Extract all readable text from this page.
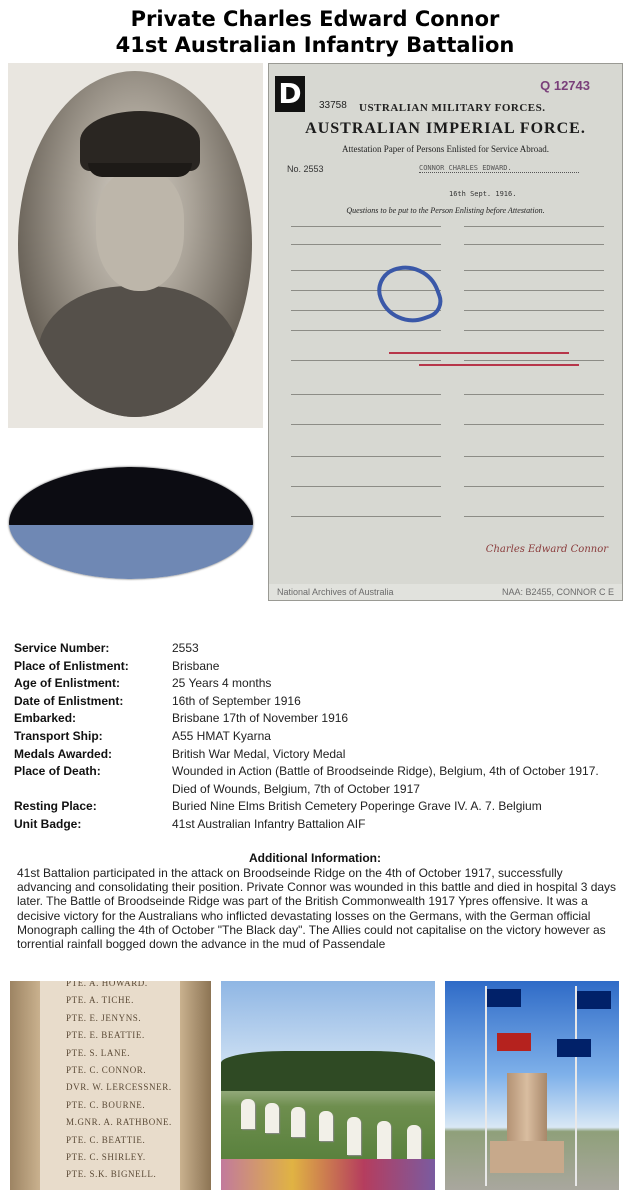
Private Charles Edward Connor
41st Australian Infantry Battalion
D	Q 12743
33758 USTRALIAN MILITARY FORCES.
AUSTRALIAN IMPERIAL FORCE.
Attestation Paper of Persons Enlisted for Service Abroad.
No. 2553	CONNOR CHARLES EDWARD.
16th Sept. 1916.
Questions to be put to the Person Enlisting before Attestation.
Charles Edward Connor
National Archives of Australia	NAA: B2455, CONNOR C E
Service Number:	2553
Place of Enlistment:	Brisbane
Age of Enlistment:	25 Years 4 months
Date of Enlistment:	16th of September 1916
Embarked:	Brisbane 17th of November 1916
Transport Ship:	A55 HMAT Kyarna
Medals Awarded:	British War Medal, Victory Medal
Place of Death:	Wounded in Action (Battle of Broodseinde Ridge), Belgium, 4th of October 1917. Died of Wounds, Belgium, 7th of October 1917
Resting Place:	Buried Nine Elms British Cemetery Poperinge Grave IV. A. 7. Belgium
Unit Badge:	41st Australian Infantry Battalion AIF
Additional Information:
41st Battalion participated in the attack on Broodseinde Ridge on the 4th of October 1917, successfully advancing and consolidating their position. Private Connor was wounded in this battle and died in hospital 3 days later. The Battle of Broodseinde Ridge was part of the British Commonwealth 1917 Ypres offensive. It was a decisive victory for the Australians who inflicted devastating losses on the Germans, with the German official Monograph calling the 4th of October "The Black day". The Allies could not capitalise on the victory however as torrential rainfall bogged down the advance in the mud of Passendale
PTE. A. HOWARD.
PTE. A. TICHE.
PTE. E. JENYNS.
PTE. E. BEATTIE.
PTE. S. LANE.
PTE. C. CONNOR.
DVR. W. LERCESSNER.
PTE. C. BOURNE.
M.GNR. A. RATHBONE.
PTE. C. BEATTIE.
PTE. C. SHIRLEY.
PTE. S.K. BIGNELL.
